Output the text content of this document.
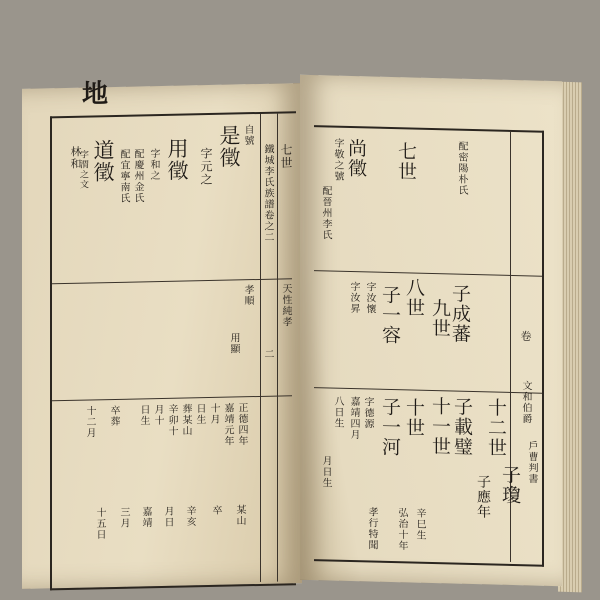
地
鐵城李氏族譜卷之二
二
七世
是徵
字元之
自號
用徵
字和之
配慶州金氏
道徵
林和
字渭之文	配宜寧南氏
孝順	天性純孝
用顯
正德四年
嘉靖元年
十月
日生
葬某山
辛卯十
月十
日生
卒葬
十二月
某山
卒
辛亥
月日
嘉靖
三月
十五日
卷
文和伯爵
戶曹判書
七世
尚徵
字敬之號
配晉州李氏
配密陽朴氏
八世
子一容
字汝懷	九世
子成蕃
字汝昇
十世
子一河
字德源
嘉靖四月
八日生	十一世 子載璧
月日生
十二世
子瓊
子應年
辛巳生
弘治十年
孝行特聞
